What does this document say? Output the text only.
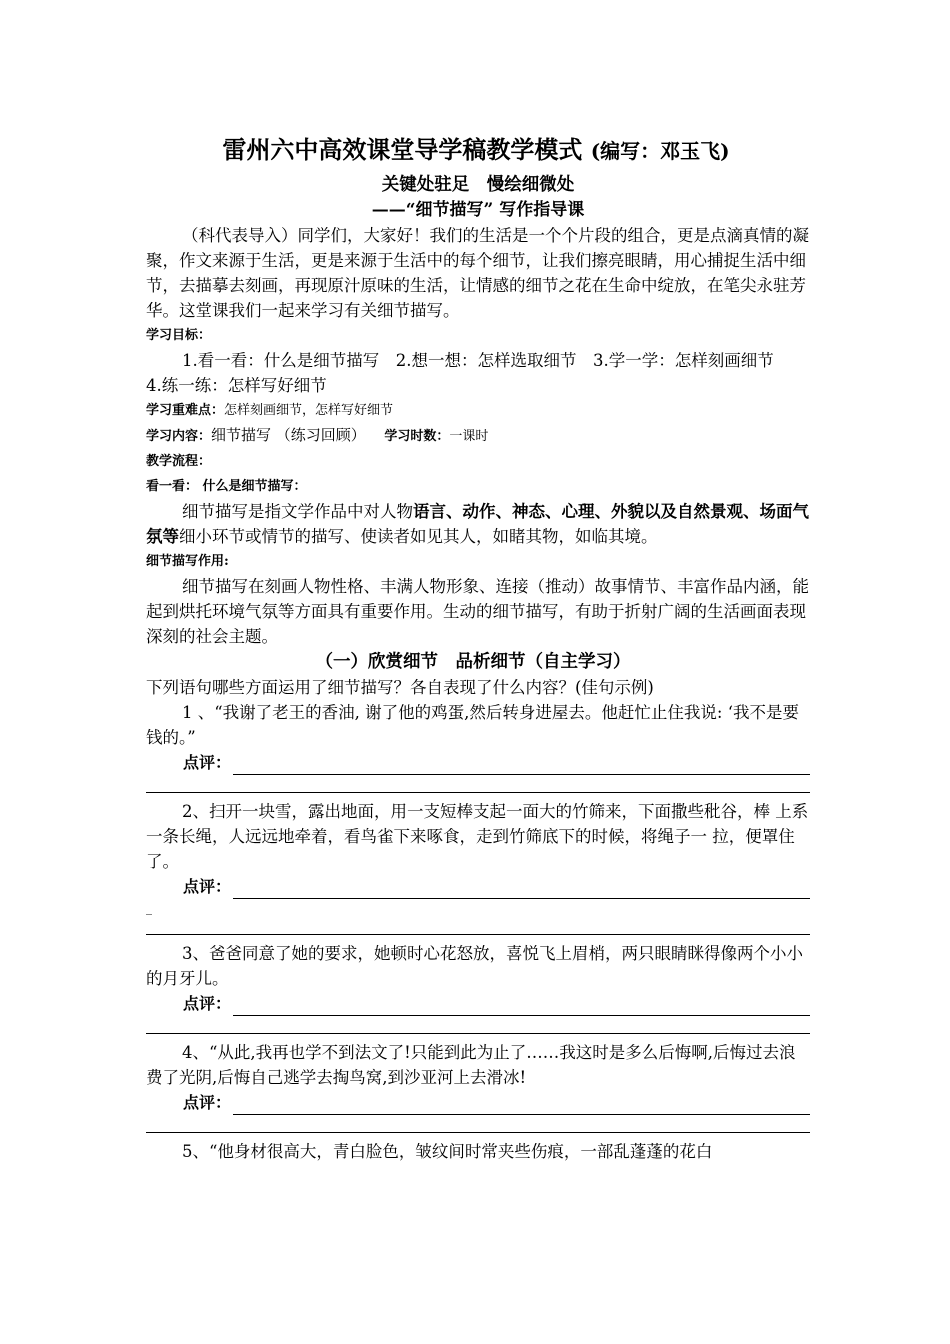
雷州六中高效课堂导学稿教学模式 (编写：邓玉飞)
关键处驻足　慢绘细微处
——“细节描写” 写作指导课
（科代表导入）同学们，大家好！我们的生活是一个个片段的组合，更是点滴真情的凝聚，作文来源于生活，更是来源于生活中的每个细节，让我们擦亮眼睛，用心捕捉生活中细节，去描摹去刻画，再现原汁原味的生活，让情感的细节之花在生命中绽放，在笔尖永驻芳华。这堂课我们一起来学习有关细节描写。
学习目标：
1.看一看：什么是细节描写　2.想一想：怎样选取细节　3.学一学：怎样刻画细节　 4.练一练：怎样写好细节
学习重难点：怎样刻画细节，怎样写好细节
学习内容：细节描写 （练习回顾）　　 学习时数：一课时
教学流程：
看一看： 什么是细节描写：
细节描写是指文学作品中对人物语言、动作、神态、心理、外貌以及自然景观、场面气氛等细小环节或情节的描写、使读者如见其人，如睹其物，如临其境。
细节描写作用:
细节描写在刻画人物性格、丰满人物形象、连接（推动）故事情节、丰富作品内涵，能起到烘托环境气氛等方面具有重要作用。生动的细节描写，有助于折射广阔的生活画面表现深刻的社会主题。
（一）欣赏细节　品析细节（自主学习）
下列语句哪些方面运用了细节描写？各自表现了什么内容？(佳句示例)
1 、“我谢了老王的香油, 谢了他的鸡蛋,然后转身进屋去。他赶忙止住我说: ‘我不是要钱的。”
点评：
2、扫开一块雪，露出地面，用一支短棒支起一面大的竹筛来，下面撒些秕谷，棒 上系一条长绳，人远远地牵着，看鸟雀下来啄食，走到竹筛底下的时候，将绳子一 拉，便罩住了。
点评：
_
3、爸爸同意了她的要求，她顿时心花怒放，喜悦飞上眉梢，两只眼睛眯得像两个小小的月牙儿。
点评：
4、“从此,我再也学不到法文了!只能到此为止了……我这时是多么后悔啊,后悔过去浪费了光阴,后悔自己逃学去掏鸟窝,到沙亚河上去滑冰!
点评：
5、“他身材很高大，青白脸色，皱纹间时常夹些伤痕，一部乱蓬蓬的花白
